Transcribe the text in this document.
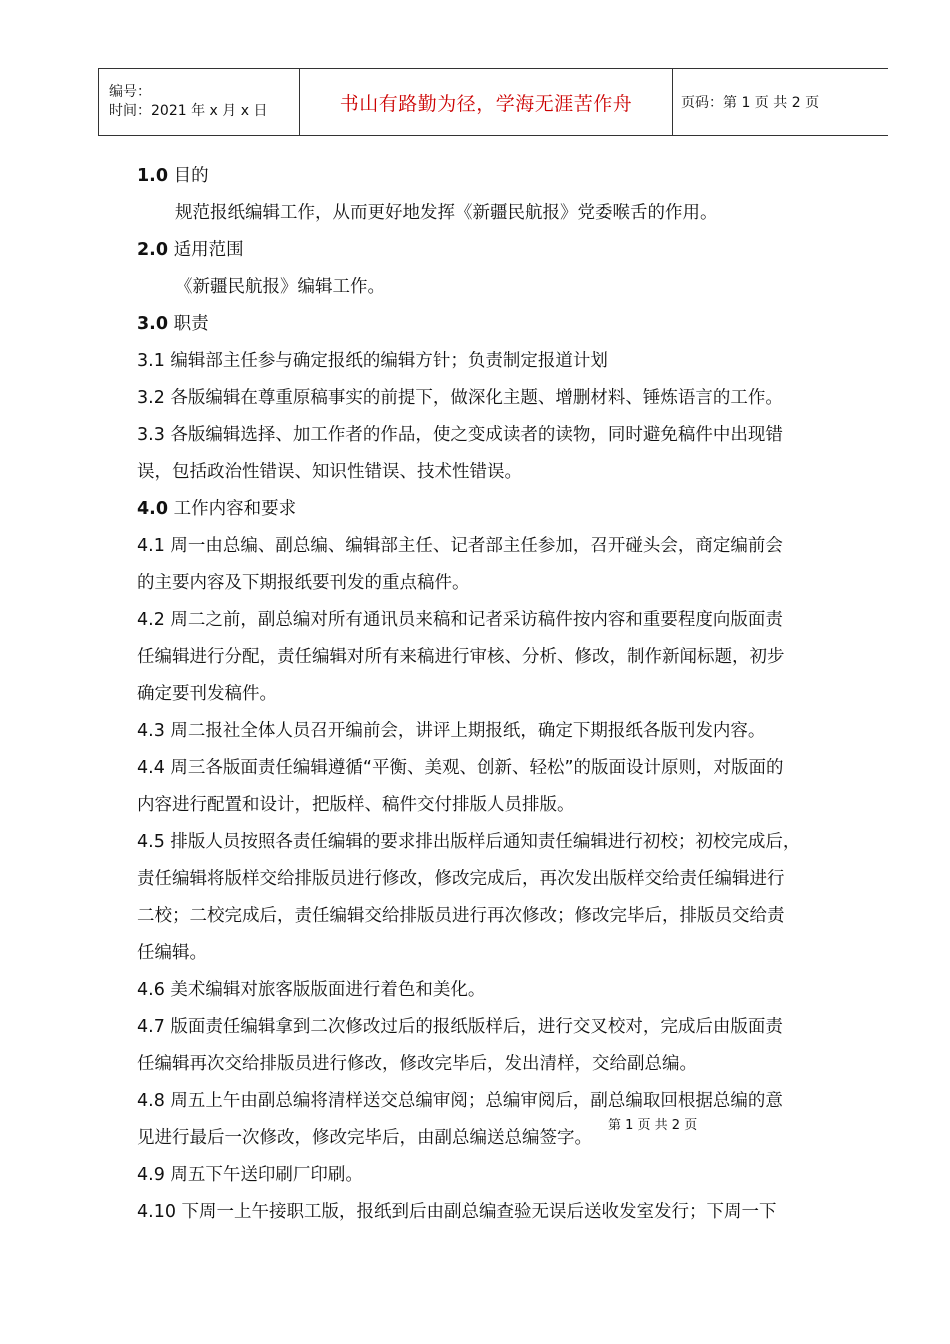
编号：
时间：2021 年 x 月 x 日	书山有路勤为径，学海无涯苦作舟	页码：第 1 页 共 2 页
1.0 目的
规范报纸编辑工作，从而更好地发挥《新疆民航报》党委喉舌的作用。
2.0 适用范围
《新疆民航报》编辑工作。
3.0 职责
3.1 编辑部主任参与确定报纸的编辑方针；负责制定报道计划
3.2 各版编辑在尊重原稿事实的前提下，做深化主题、增删材料、锤炼语言的工作。
3.3 各版编辑选择、加工作者的作品，使之变成读者的读物，同时避免稿件中出现错
误，包括政治性错误、知识性错误、技术性错误。
4.0 工作内容和要求
4.1 周一由总编、副总编、编辑部主任、记者部主任参加，召开碰头会，商定编前会
的主要内容及下期报纸要刊发的重点稿件。
4.2 周二之前，副总编对所有通讯员来稿和记者采访稿件按内容和重要程度向版面责
任编辑进行分配，责任编辑对所有来稿进行审核、分析、修改，制作新闻标题，初步
确定要刊发稿件。
4.3 周二报社全体人员召开编前会，讲评上期报纸，确定下期报纸各版刊发内容。
4.4 周三各版面责任编辑遵循“平衡、美观、创新、轻松”的版面设计原则，对版面的
内容进行配置和设计，把版样、稿件交付排版人员排版。
4.5 排版人员按照各责任编辑的要求排出版样后通知责任编辑进行初校；初校完成后，
责任编辑将版样交给排版员进行修改，修改完成后，再次发出版样交给责任编辑进行
二校；二校完成后，责任编辑交给排版员进行再次修改；修改完毕后，排版员交给责
任编辑。
4.6 美术编辑对旅客版版面进行着色和美化。
4.7 版面责任编辑拿到二次修改过后的报纸版样后，进行交叉校对，完成后由版面责
任编辑再次交给排版员进行修改，修改完毕后，发出清样，交给副总编。
4.8 周五上午由副总编将清样送交总编审阅；总编审阅后，副总编取回根据总编的意
见进行最后一次修改，修改完毕后，由副总编送总编签字。
4.9 周五下午送印刷厂印刷。
4.10 下周一上午接职工版，报纸到后由副总编查验无误后送收发室发行；下周一下
第 1 页 共 2 页
